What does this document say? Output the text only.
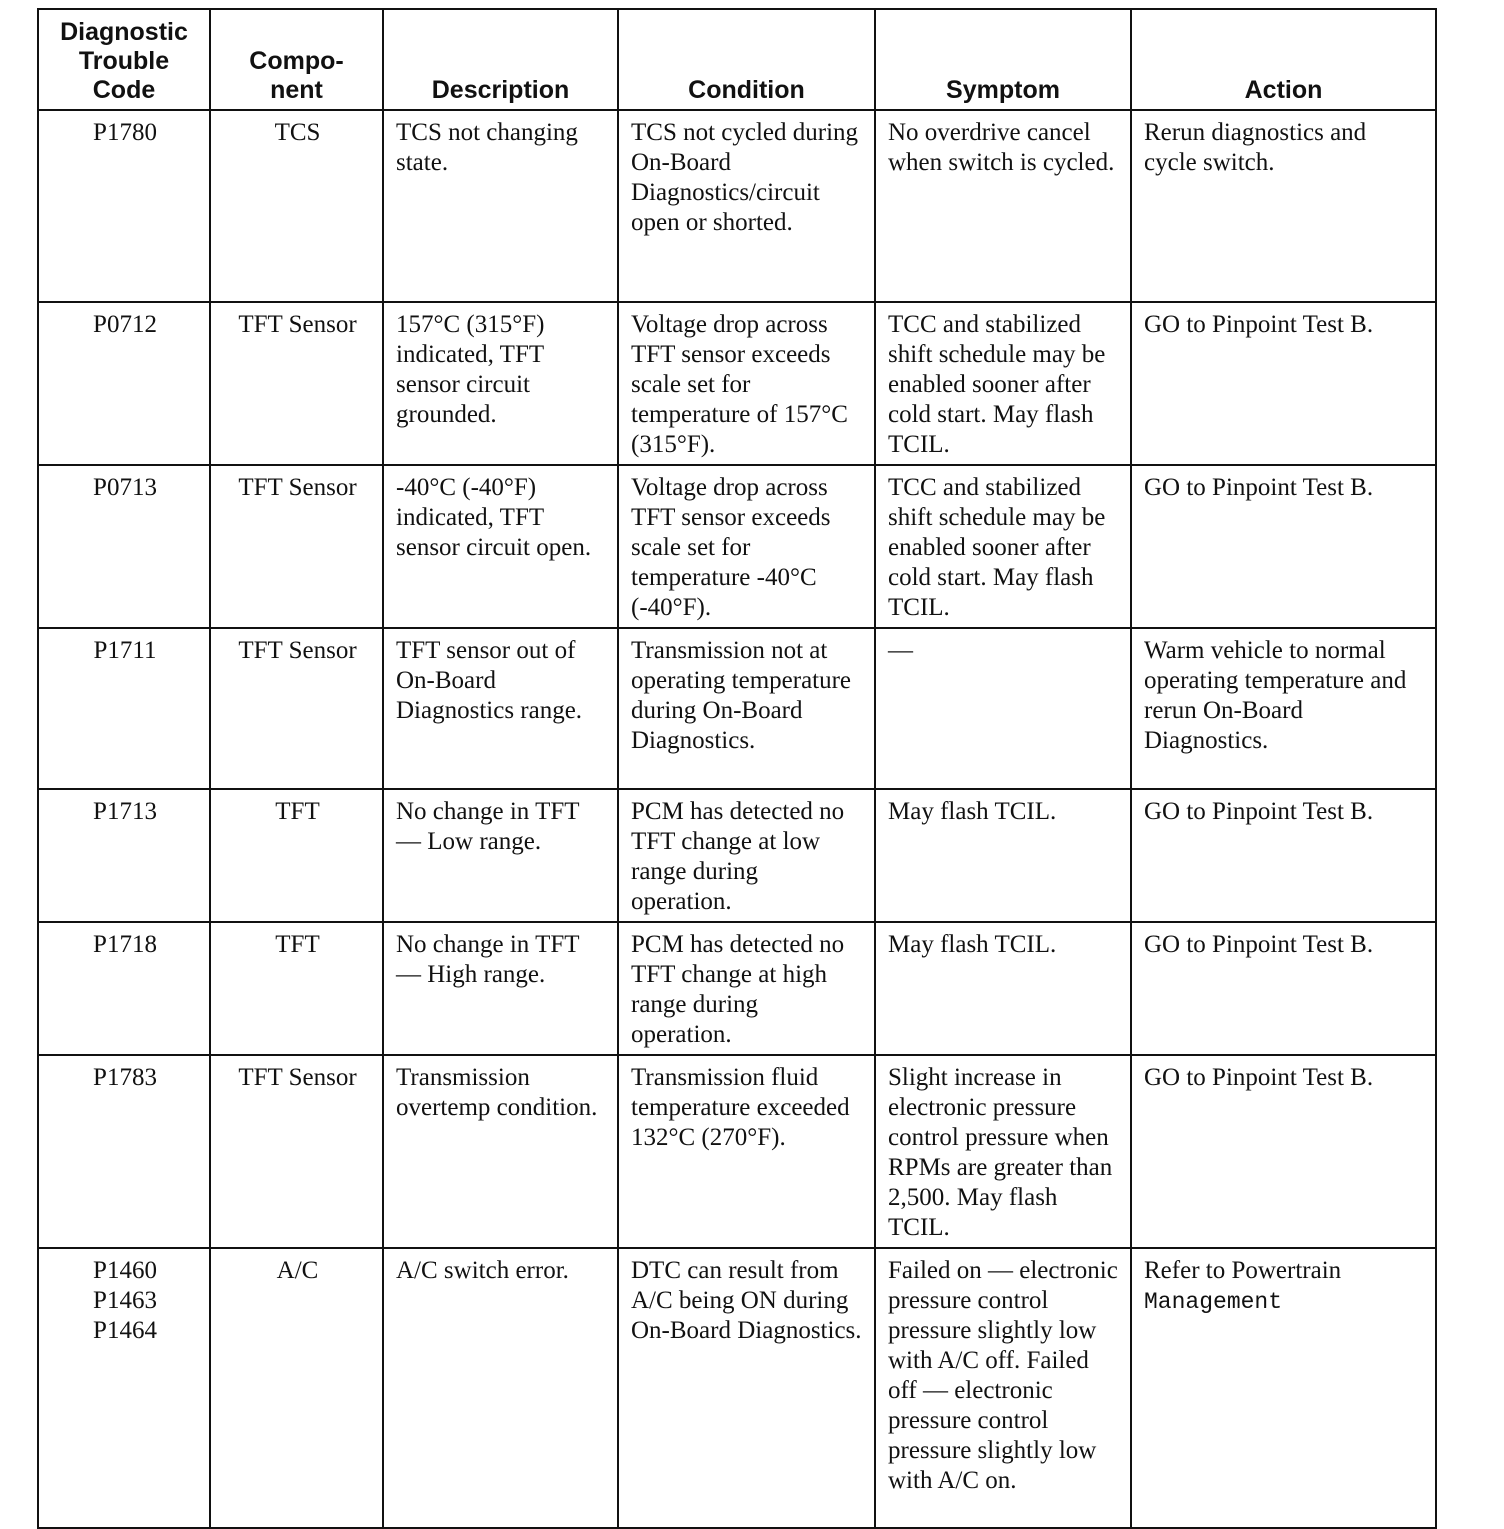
Diagnostic
Trouble
Code	Compo-
nent	Description	Condition	Symptom	Action

P1780	TCS	TCS not changing state.	TCS not cycled during On-Board Diagnostics/circuit open or shorted.	No overdrive cancel when switch is cycled.	Rerun diagnostics and cycle switch.

P0712	TFT Sensor	157°C (315°F) indicated, TFT sensor circuit grounded.	Voltage drop across TFT sensor exceeds scale set for temperature of 157°C (315°F).	TCC and stabilized shift schedule may be enabled sooner after cold start. May flash TCIL.	GO to Pinpoint Test B.

P0713	TFT Sensor	-40°C (-40°F) indicated, TFT sensor circuit open.	Voltage drop across TFT sensor exceeds scale set for temperature -40°C (-40°F).	TCC and stabilized shift schedule may be enabled sooner after cold start. May flash TCIL.	GO to Pinpoint Test B.

P1711	TFT Sensor	TFT sensor out of On-Board Diagnostics range.	Transmission not at operating temperature during On-Board Diagnostics.	—	Warm vehicle to normal operating temperature and rerun On-Board Diagnostics.

P1713	TFT	No change in TFT — Low range.	PCM has detected no TFT change at low range during operation.	May flash TCIL.	GO to Pinpoint Test B.

P1718	TFT	No change in TFT — High range.	PCM has detected no TFT change at high range during operation.	May flash TCIL.	GO to Pinpoint Test B.

P1783	TFT Sensor	Transmission overtemp condition.	Transmission fluid temperature exceeded 132°C (270°F).	Slight increase in electronic pressure control pressure when RPMs are greater than 2,500. May flash TCIL.	GO to Pinpoint Test B.

P1460
P1463
P1464	A/C	A/C switch error.	DTC can result from A/C being ON during On-Board Diagnostics.	Failed on — electronic pressure control pressure slightly low with A/C off. Failed off — electronic pressure control pressure slightly low with A/C on.	Refer to Powertrain
Management
